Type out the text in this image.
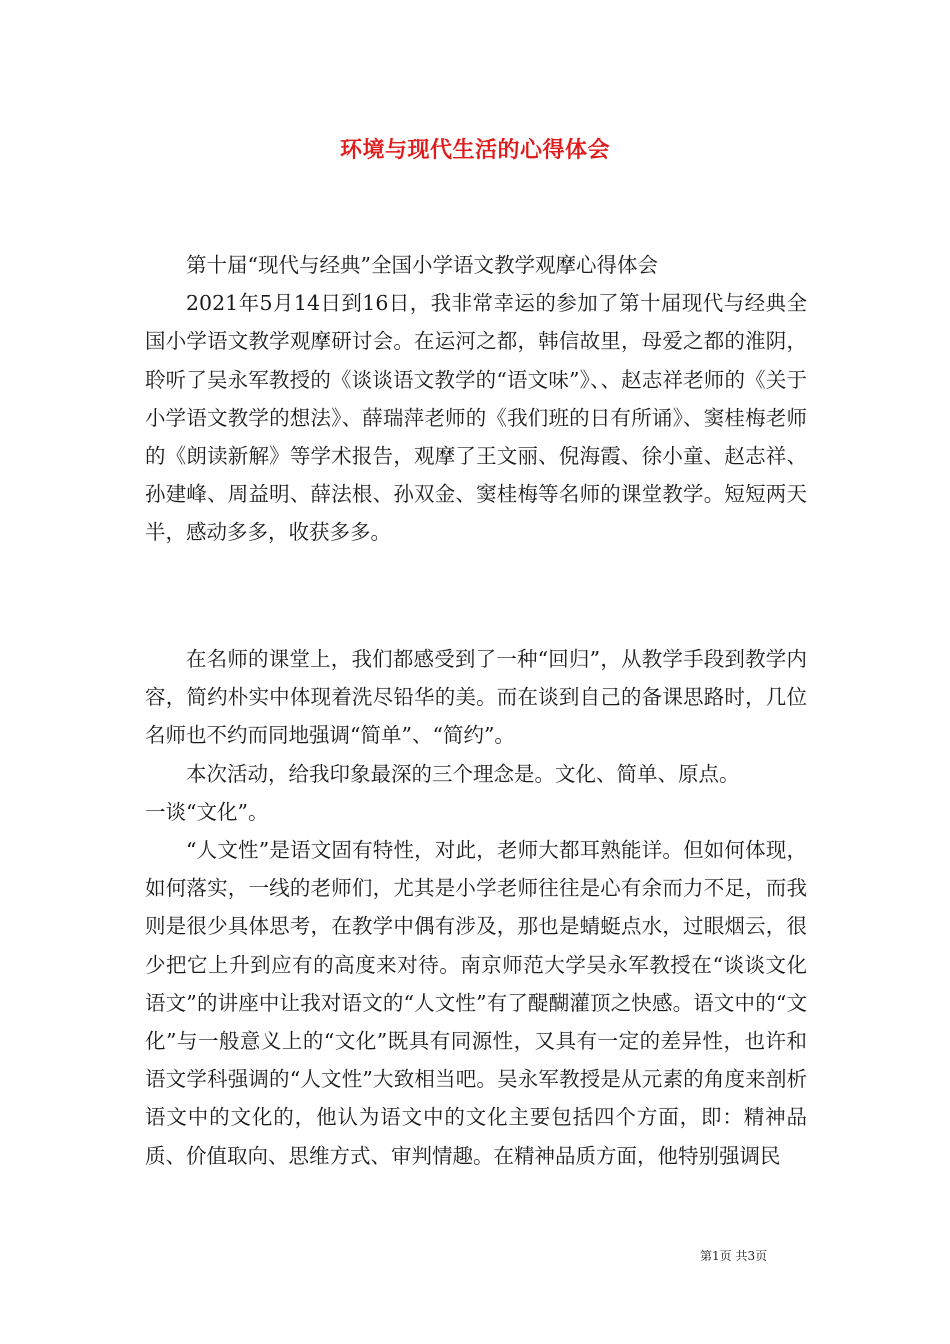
环境与现代生活的心得体会

第十届“现代与经典”全国小学语文教学观摩心得体会

2021年5月14日到16日，我非常幸运的参加了第十届现代与经典全国小学语文教学观摩研讨会。在运河之都，韩信故里，母爱之都的淮阴，聆听了吴永军教授的《谈谈语文教学的“语文味”》、、赵志祥老师的《关于小学语文教学的想法》、薛瑞萍老师的《我们班的日有所诵》、窦桂梅老师的《朗读新解》等学术报告，观摩了王文丽、倪海霞、徐小童、赵志祥、孙建峰、周益明、薛法根、孙双金、窦桂梅等名师的课堂教学。短短两天半，感动多多，收获多多。

在名师的课堂上，我们都感受到了一种“回归”，从教学手段到教学内容，简约朴实中体现着洗尽铅华的美。而在谈到自己的备课思路时，几位名师也不约而同地强调“简单”、“简约”。

本次活动，给我印象最深的三个理念是。文化、简单、原点。

一谈“文化”。

“人文性”是语文固有特性，对此，老师大都耳熟能详。但如何体现，如何落实，一线的老师们，尤其是小学老师往往是心有余而力不足，而我则是很少具体思考，在教学中偶有涉及，那也是蜻蜓点水，过眼烟云，很少把它上升到应有的高度来对待。南京师范大学吴永军教授在“谈谈文化语文”的讲座中让我对语文的“人文性”有了醍醐灌顶之快感。语文中的“文化”与一般意义上的“文化”既具有同源性，又具有一定的差异性，也许和语文学科强调的“人文性”大致相当吧。吴永军教授是从元素的角度来剖析语文中的文化的，他认为语文中的文化主要包括四个方面，即：精神品质、价值取向、思维方式、审判情趣。在精神品质方面，他特别强调民

第1页 共3页
